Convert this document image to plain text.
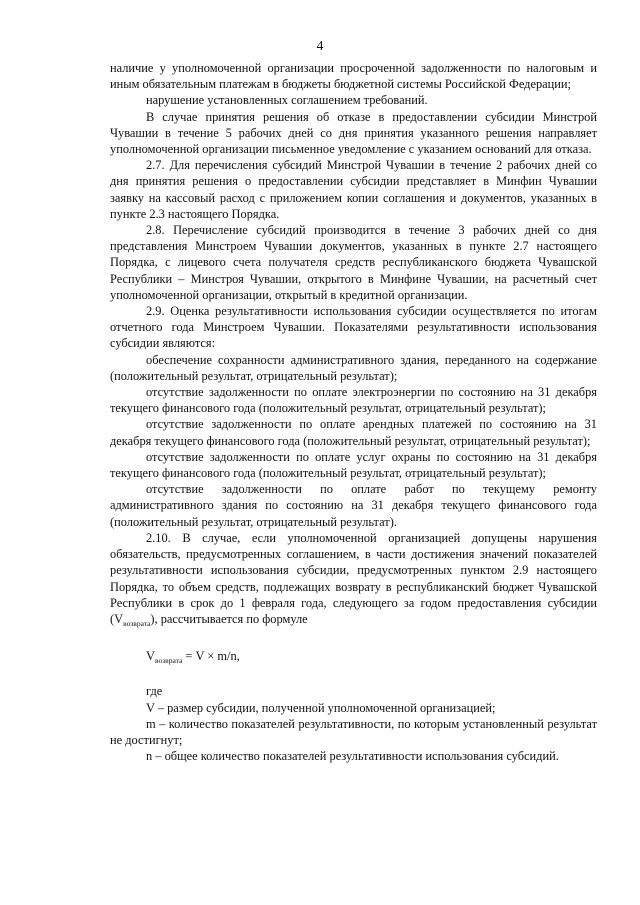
4

наличие у уполномоченной организации просроченной задолженности по налоговым и иным обязательным платежам в бюджеты бюджетной системы Российской Федерации;

нарушение установленных соглашением требований.

В случае принятия решения об отказе в предоставлении субсидии Минстрой Чувашии в течение 5 рабочих дней со дня принятия указанного решения направляет уполномоченной организации письменное уведомление с указанием оснований для отказа.

2.7. Для перечисления субсидий Минстрой Чувашии в течение 2 рабочих дней со дня принятия решения о предоставлении субсидии представляет в Минфин Чувашии заявку на кассовый расход с приложением копии соглашения и документов, указанных в пункте 2.3 настоящего Порядка.

2.8. Перечисление субсидий производится в течение 3 рабочих дней со дня представления Минстроем Чувашии документов, указанных в пункте 2.7 настоящего Порядка, с лицевого счета получателя средств республиканского бюджета Чувашской Республики – Минстроя Чувашии, открытого в Минфине Чувашии, на расчетный счет уполномоченной организации, открытый в кредитной организации.

2.9. Оценка результативности использования субсидии осуществляется по итогам отчетного года Минстроем Чувашии. Показателями результативности использования субсидии являются:

обеспечение сохранности административного здания, переданного на содержание (положительный результат, отрицательный результат);

отсутствие задолженности по оплате электроэнергии по состоянию на 31 декабря текущего финансового года (положительный результат, отрицательный результат);

отсутствие задолженности по оплате арендных платежей по состоянию на 31 декабря текущего финансового года (положительный результат, отрицательный результат);

отсутствие задолженности по оплате услуг охраны по состоянию на 31 декабря текущего финансового года (положительный результат, отрицательный результат);

отсутствие задолженности по оплате работ по текущему ремонту административного здания по состоянию на 31 декабря текущего финансового года (положительный результат, отрицательный результат).

2.10. В случае, если уполномоченной организацией допущены нарушения обязательств, предусмотренных соглашением, в части достижения значений показателей результативности использования субсидии, предусмотренных пунктом 2.9 настоящего Порядка, то объем средств, подлежащих возврату в республиканский бюджет Чувашской Республики в срок до 1 февраля года, следующего за годом предоставления субсидии $(V_{возврата})$, рассчитывается по формуле

$V_{возврата} = V \times m/n$,

где

V – размер субсидии, полученной уполномоченной организацией;

m – количество показателей результативности, по которым установленный результат не достигнут;

n – общее количество показателей результативности использования субсидий.
